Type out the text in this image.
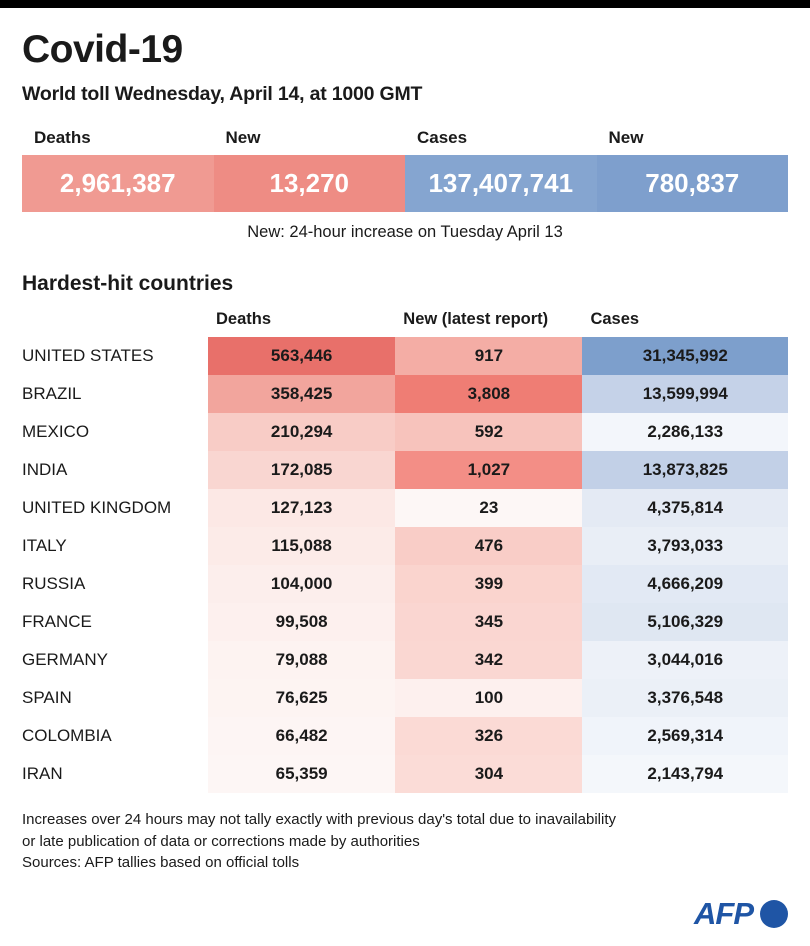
Covid-19
World toll Wednesday, April 14, at 1000 GMT
Deaths	New	Cases	New
2,961,387	13,270	137,407,741	780,837
New: 24-hour increase on Tuesday April 13
Hardest-hit countries
	Deaths	New (latest report)	Cases
UNITED STATES	563,446	917	31,345,992
BRAZIL	358,425	3,808	13,599,994
MEXICO	210,294	592	2,286,133
INDIA	172,085	1,027	13,873,825
UNITED KINGDOM	127,123	23	4,375,814
ITALY	115,088	476	3,793,033
RUSSIA	104,000	399	4,666,209
FRANCE	99,508	345	5,106,329
GERMANY	79,088	342	3,044,016
SPAIN	76,625	100	3,376,548
COLOMBIA	66,482	326	2,569,314
IRAN	65,359	304	2,143,794
Increases over 24 hours may not tally exactly with previous day's total due to inavailability
or late publication of data or corrections made by authorities
Sources: AFP tallies based on official tolls
AFP
